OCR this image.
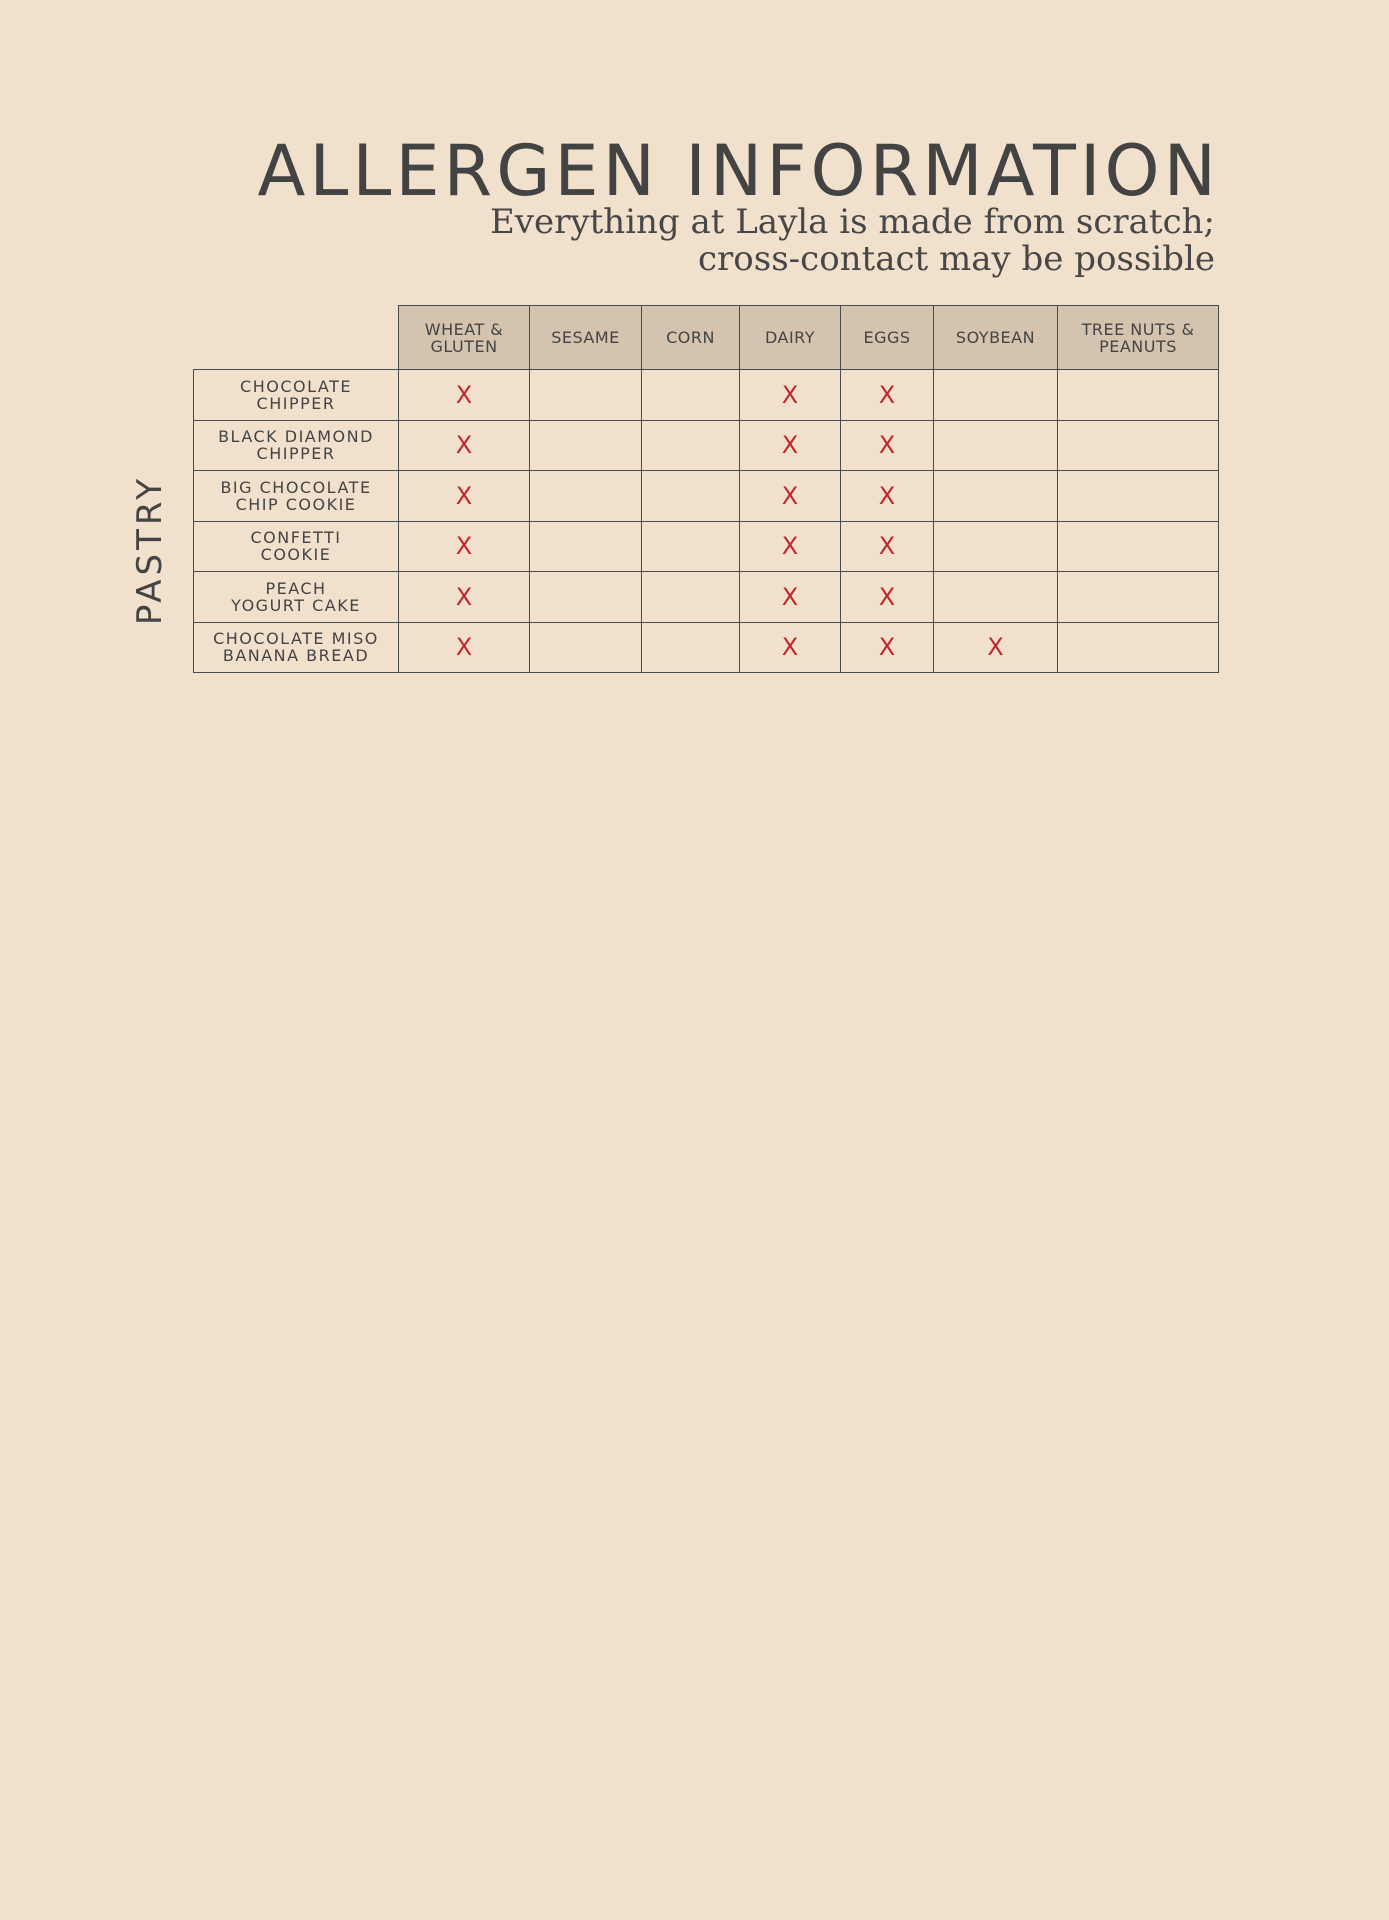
ALLERGEN INFORMATION
Everything at Layla is made from scratch;
cross-contact may be possible
PASTRY
	WHEAT &
GLUTEN	SESAME	CORN	DAIRY	EGGS	SOYBEAN	TREE NUTS &
PEANUTS
CHOCOLATE
CHIPPER	X			X	X		
BLACK DIAMOND
CHIPPER	X			X	X		
BIG CHOCOLATE
CHIP COOKIE	X			X	X		
CONFETTI
COOKIE	X			X	X		
PEACH
YOGURT CAKE	X			X	X		
CHOCOLATE MISO
BANANA BREAD	X			X	X	X	
